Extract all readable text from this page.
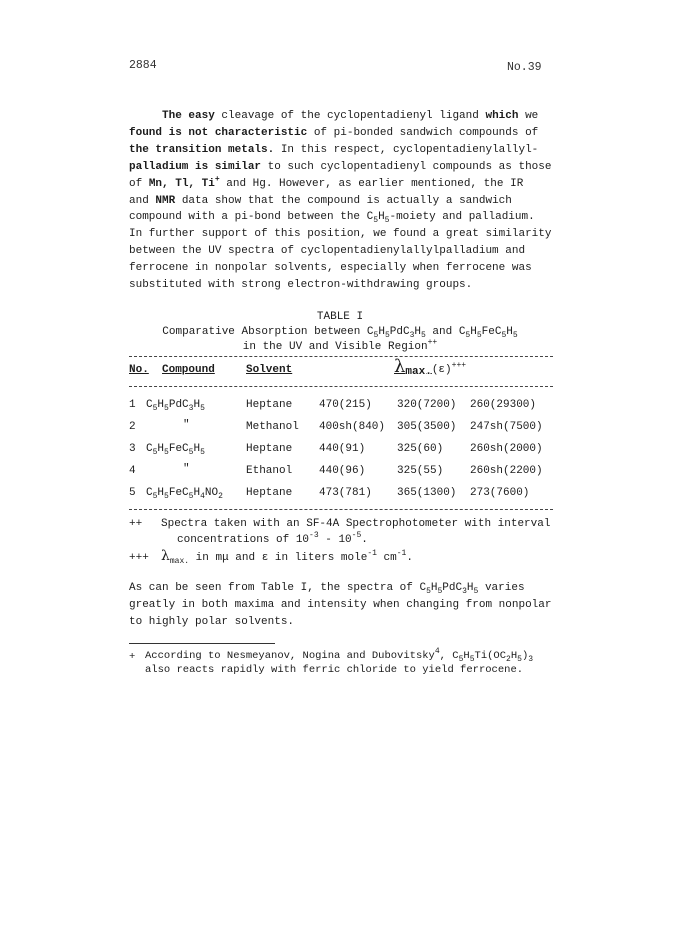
2884	No.39
The easy cleavage of the cyclopentadienyl ligand which we
found is not characteristic of pi-bonded sandwich compounds of
the transition metals. In this respect, cyclopentadienylallyl-
palladium is similar to such cyclopentadienyl compounds as those
of Mn, Tl, Ti+ and Hg. However, as earlier mentioned, the IR
and NMR data show that the compound is actually a sandwich
compound with a pi-bond between the $C_5H_5$-moiety and palladium.
In further support of this position, we found a great similarity
between the UV spectra of cyclopentadienylallylpalladium and
ferrocene in nonpolar solvents, especially when ferrocene was
substituted with strong electron-withdrawing groups.
TABLE I
Comparative Absorption between $C_5H_5PdC_3H_5$ and $C_5H_5FeC_5H_5$
in the UV and Visible Region++
No. Compound	Solvent	$\lambda_{max.}(\varepsilon)^{+++}$
1 $C_5H_5PdC_3H_5$	Heptane 470(215) 320(7200) 260(29300)
2	"	Methanol 400sh(840) 305(3500) 247sh(7500)
3 $C_5H_5FeC_5H_5$	Heptane 440(91)	325(60) 260sh(2000)
4	"	Ethanol 440(96)	325(55) 260sh(2200)
5 $C_5H_5FeC_5H_4NO_2$ Heptane 473(781) 365(1300) 273(7600)
++ Spectra taken with an SF-4A Spectrophotometer with interval
concentrations of $10^{-3} - 10^{-5}$.
+++ $\lambda_{max.}$ in mμ and ε in liters mole$^{-1}$ $cm^{-1}$.
As can be seen from Table I, the spectra of $C_5H_5PdC_3H_5$ varies
greatly in both maxima and intensity when changing from nonpolar
to highly polar solvents.
+ According to Nesmeyanov, Nogina and Dubovitsky$^4$, $C_5H_5Ti(OC_2H_5)_3$
also reacts rapidly with ferric chloride to yield ferrocene.
